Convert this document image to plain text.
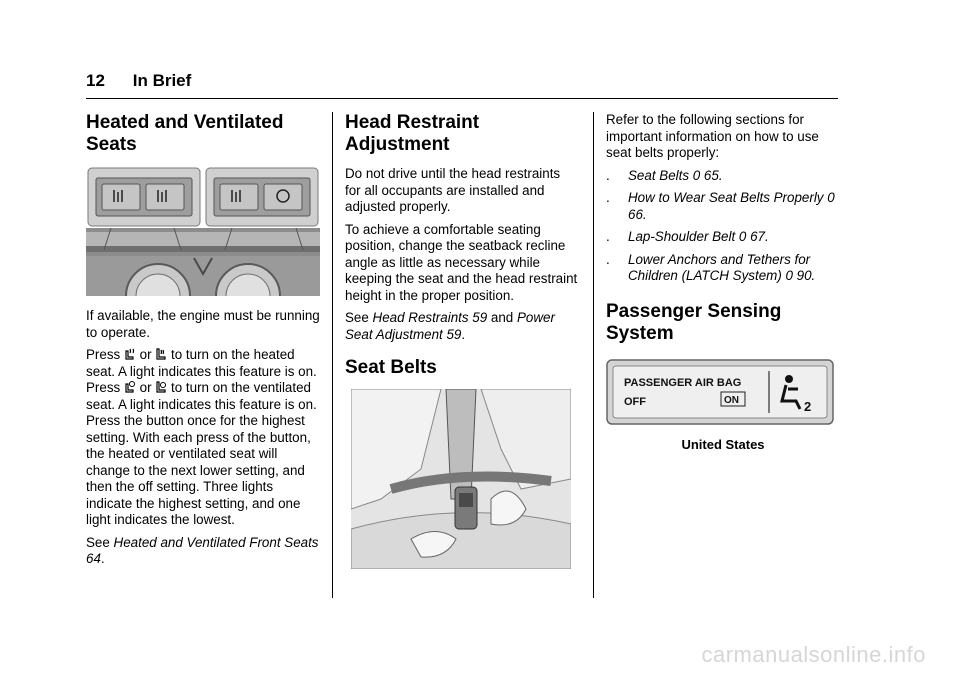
12 In Brief
Heated and Ventilated Seats

If available, the engine must be running to operate.

Press  or  to turn on the heated seat. A light indicates this feature is on. Press  or  to turn on the ventilated seat. A light indicates this feature is on. Press the button once for the highest setting. With each press of the button, the heated or ventilated seat will change to the next lower setting, and then the off setting. Three lights indicate the highest setting, and one light indicates the lowest.

See Heated and Ventilated Front Seats 64.

Head Restraint Adjustment

Do not drive until the head restraints for all occupants are installed and adjusted properly.

To achieve a comfortable seating position, change the seatback recline angle as little as necessary while keeping the seat and the head restraint height in the proper position.

See Head Restraints 59 and Power Seat Adjustment 59.

Seat Belts

Refer to the following sections for important information on how to use seat belts properly:

.	Seat Belts 0 65.
.	How to Wear Seat Belts Properly 0 66.
.	Lap-Shoulder Belt 0 67.
.	Lower Anchors and Tethers for Children (LATCH System) 0 90.
Passenger Sensing System
PASSENGER AIR BAG
OFF	ON	2
United States
carmanualsonline.info
